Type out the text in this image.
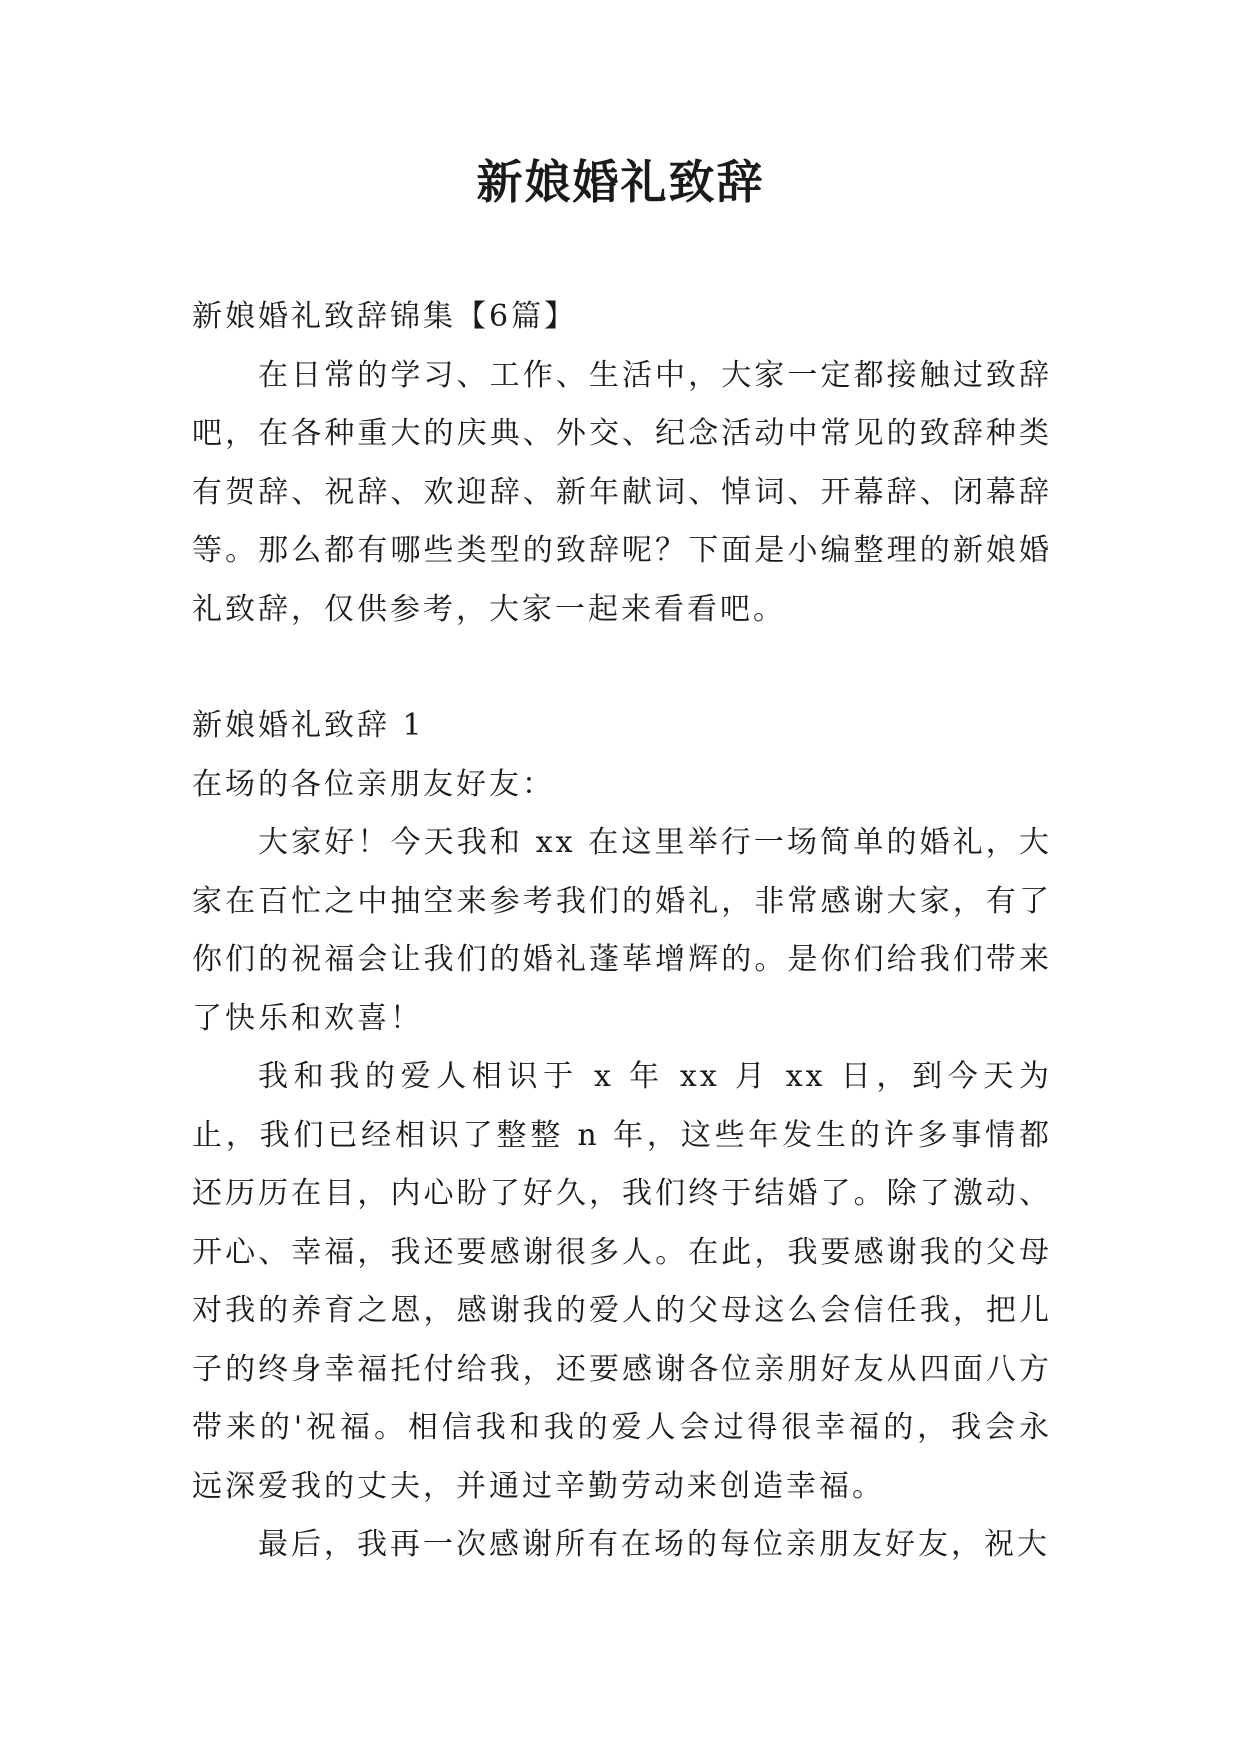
新娘婚礼致辞

新娘婚礼致辞锦集【6篇】

在日常的学习、工作、生活中，大家一定都接触过致辞吧，在各种重大的庆典、外交、纪念活动中常见的致辞种类有贺辞、祝辞、欢迎辞、新年献词、悼词、开幕辞、闭幕辞等。那么都有哪些类型的致辞呢？下面是小编整理的新娘婚礼致辞，仅供参考，大家一起来看看吧。

新娘婚礼致辞 1

在场的各位亲朋友好友：

大家好！今天我和 xx 在这里举行一场简单的婚礼，大家在百忙之中抽空来参考我们的婚礼，非常感谢大家，有了你们的祝福会让我们的婚礼蓬荜增辉的。是你们给我们带来了快乐和欢喜！

我和我的爱人相识于 x 年 xx 月 xx 日，到今天为止，我们已经相识了整整 n 年，这些年发生的许多事情都还历历在目，内心盼了好久，我们终于结婚了。除了激动、开心、幸福，我还要感谢很多人。在此，我要感谢我的父母对我的养育之恩，感谢我的爱人的父母这么会信任我，把儿子的终身幸福托付给我，还要感谢各位亲朋好友从四面八方带来的'祝福。相信我和我的爱人会过得很幸福的，我会永远深爱我的丈夫，并通过辛勤劳动来创造幸福。

最后，我再一次感谢所有在场的每位亲朋友好友，祝大
